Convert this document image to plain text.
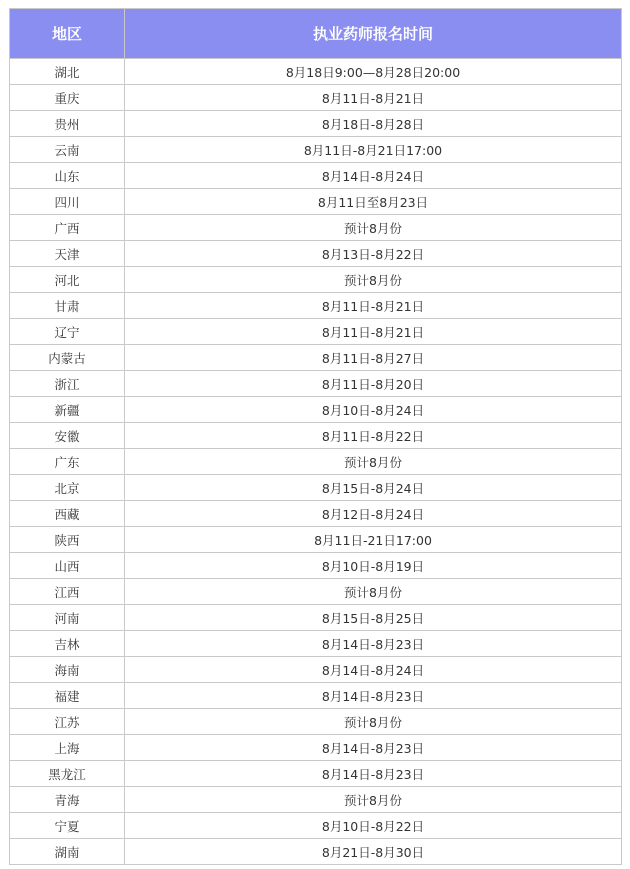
地区	执业药师报名时间
湖北	8月18日9:00—8月28日20:00
重庆	8月11日-8月21日
贵州	8月18日-8月28日
云南	8月11日-8月21日17:00
山东	8月14日-8月24日
四川	8月11日至8月23日
广西	预计8月份
天津	8月13日-8月22日
河北	预计8月份
甘肃	8月11日-8月21日
辽宁	8月11日-8月21日
内蒙古	8月11日-8月27日
浙江	8月11日-8月20日
新疆	8月10日-8月24日
安徽	8月11日-8月22日
广东	预计8月份
北京	8月15日-8月24日
西藏	8月12日-8月24日
陕西	8月11日-21日17:00
山西	8月10日-8月19日
江西	预计8月份
河南	8月15日-8月25日
吉林	8月14日-8月23日
海南	8月14日-8月24日
福建	8月14日-8月23日
江苏	预计8月份
上海	8月14日-8月23日
黑龙江	8月14日-8月23日
青海	预计8月份
宁夏	8月10日-8月22日
湖南	8月21日-8月30日
